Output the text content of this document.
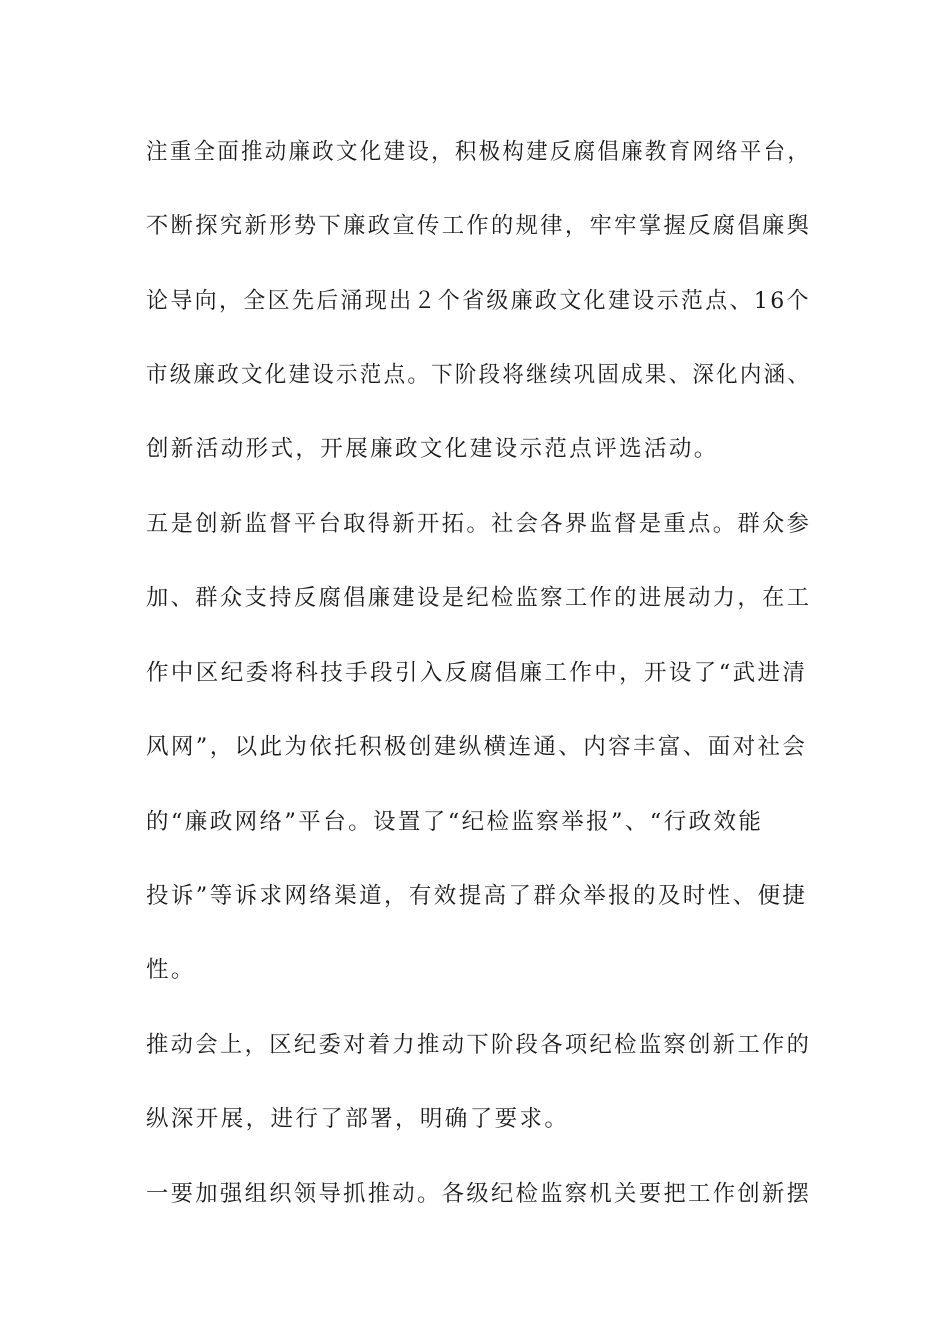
注重全面推动廉政文化建设，积极构建反腐倡廉教育网络平台，
不断探究新形势下廉政宣传工作的规律，牢牢掌握反腐倡廉舆
论导向，全区先后涌现出２个省级廉政文化建设示范点、16个
市级廉政文化建设示范点。下阶段将继续巩固成果、深化内涵、
创新活动形式，开展廉政文化建设示范点评选活动。
五是创新监督平台取得新开拓。社会各界监督是重点。群众参
加、群众支持反腐倡廉建设是纪检监察工作的进展动力，在工
作中区纪委将科技手段引入反腐倡廉工作中，开设了“武进清
风网”，以此为依托积极创建纵横连通、内容丰富、面对社会
的“廉政网络”平台。设置了“纪检监察举报”、“行政效能
投诉”等诉求网络渠道，有效提高了群众举报的及时性、便捷
性。
推动会上，区纪委对着力推动下阶段各项纪检监察创新工作的
纵深开展，进行了部署，明确了要求。
一要加强组织领导抓推动。各级纪检监察机关要把工作创新摆
